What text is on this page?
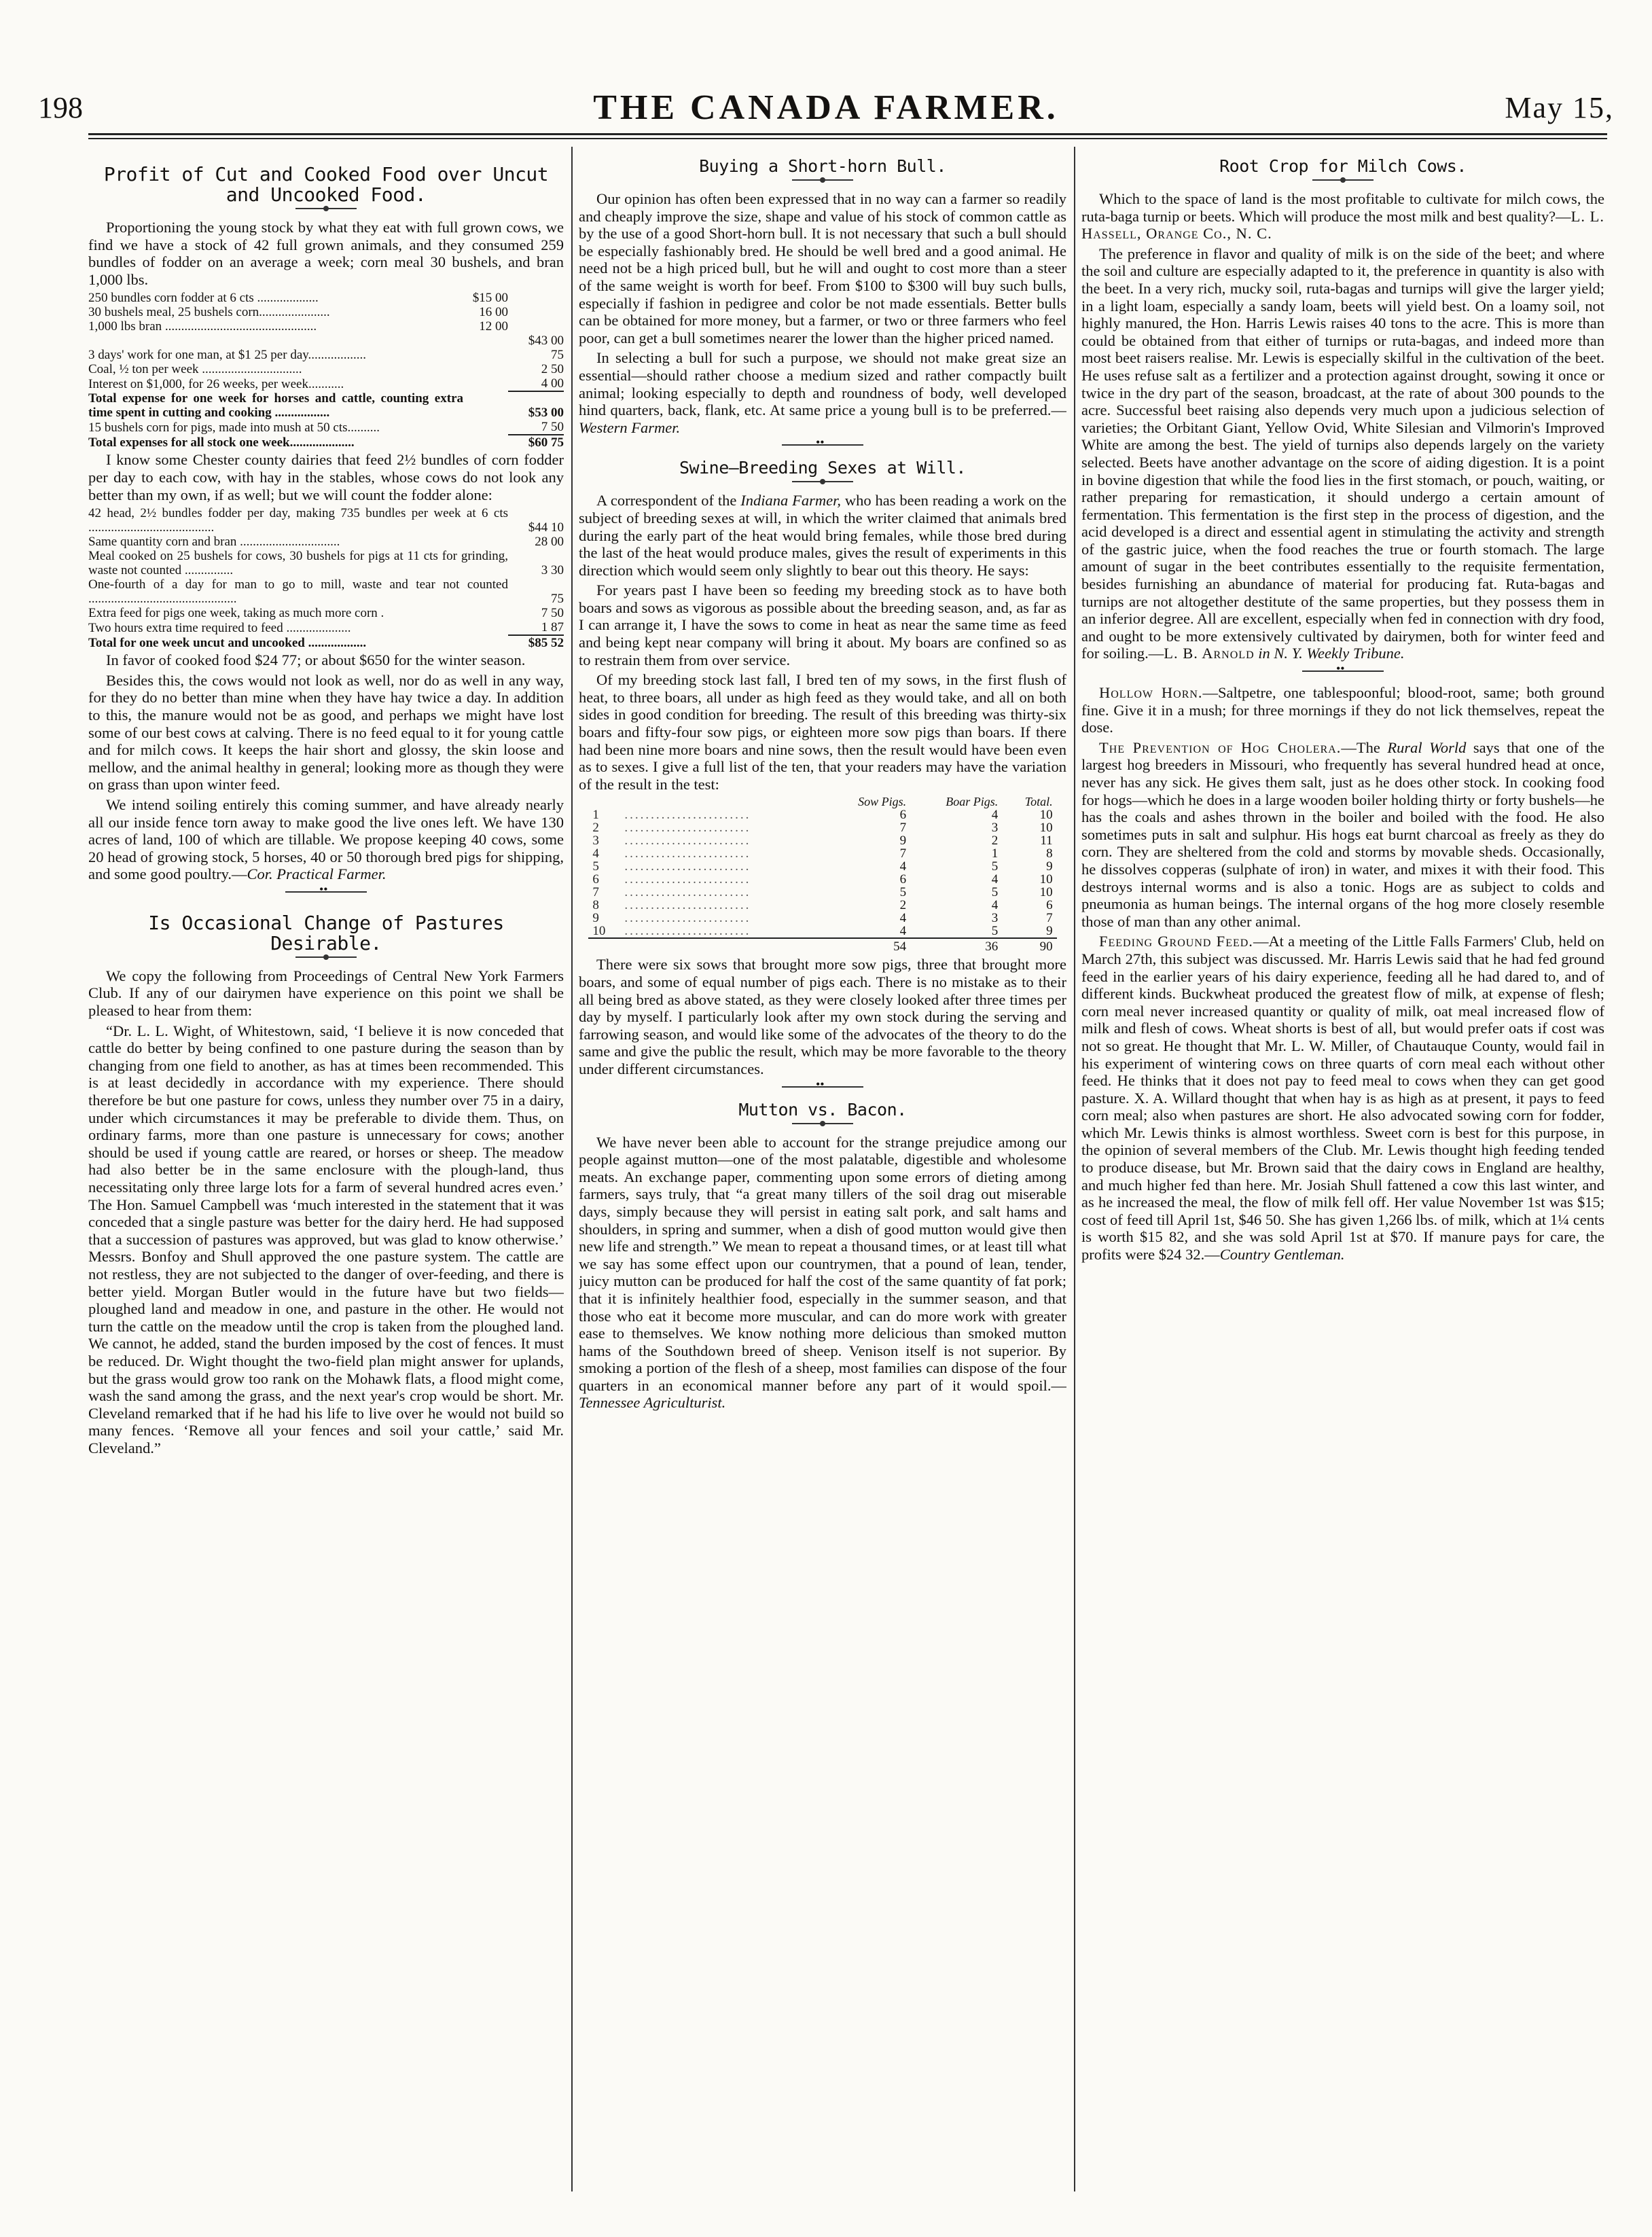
198	THE CANADA FARMER.	May 15,
Profit of Cut and Cooked Food over Uncut and Uncooked Food.

Proportioning the young stock by what they eat with full grown cows, we find we have a stock of 42 full grown animals, and they consumed 259 bundles of fodder on an average a week; corn meal 30 bushels, and bran 1,000 lbs.

250 bundles corn fodder at 6 cts ...................	$15 00	
30 bushels meal, 25 bushels corn......................	16 00	
1,000 lbs bran ...............................................	12 00	
		$43 00
3 days' work for one man, at $1 25 per day..................		75
Coal, ½ ton per week ...............................		2 50
Interest on $1,000, for 26 weeks, per week...........		4 00
Total expense for one week for horses and cattle, counting extra time spent in cutting and cooking .................		$53 00
15 bushels corn for pigs, made into mush at 50 cts..........		7 50
Total expenses for all stock one week....................		$60 75

I know some Chester county dairies that feed 2½ bundles of corn fodder per day to each cow, with hay in the stables, whose cows do not look any better than my own, if as well; but we will count the fodder alone:

42 head, 2½ bundles fodder per day, making 735 bundles per week at 6 cts .......................................	$44 10
Same quantity corn and bran ...............................	28 00
Meal cooked on 25 bushels for cows, 30 bushels for pigs at 11 cts for grinding, waste not counted ...............	3 30
One-fourth of a day for man to go to mill, waste and tear not counted ..............................................	75
Extra feed for pigs one week, taking as much more corn .	7 50
Two hours extra time required to feed ....................	1 87
Total for one week uncut and uncooked ..................	$85 52

In favor of cooked food $24 77; or about $650 for the winter season.

Besides this, the cows would not look as well, nor do as well in any way, for they do no better than mine when they have hay twice a day. In addition to this, the manure would not be as good, and perhaps we might have lost some of our best cows at calving. There is no feed equal to it for young cattle and for milch cows. It keeps the hair short and glossy, the skin loose and mellow, and the animal healthy in general; looking more as though they were on grass than upon winter feed.

We intend soiling entirely this coming summer, and have already nearly all our inside fence torn away to make good the live ones left. We have 130 acres of land, 100 of which are tillable. We propose keeping 40 cows, some 20 head of growing stock, 5 horses, 40 or 50 thorough bred pigs for shipping, and some good poultry.—Cor. Practical Farmer.

••
Is Occasional Change of Pastures Desirable.

We copy the following from Proceedings of Central New York Farmers Club. If any of our dairymen have experience on this point we shall be pleased to hear from them:

“Dr. L. L. Wight, of Whitestown, said, ‘I believe it is now conceded that cattle do better by being confined to one pasture during the season than by changing from one field to another, as has at times been recommended. This is at least decidedly in accordance with my experience. There should therefore be but one pasture for cows, unless they number over 75 in a dairy, under which circumstances it may be preferable to divide them. Thus, on ordinary farms, more than one pasture is unnecessary for cows; another should be used if young cattle are reared, or horses or sheep. The meadow had also better be in the same enclosure with the plough-land, thus necessitating only three large lots for a farm of several hundred acres even.’ The Hon. Samuel Campbell was ‘much interested in the statement that it was conceded that a single pasture was better for the dairy herd. He had supposed that a succession of pastures was approved, but was glad to know otherwise.’ Messrs. Bonfoy and Shull approved the one pasture system. The cattle are not restless, they are not subjected to the danger of over-feeding, and there is better yield. Morgan Butler would in the future have but two fields—ploughed land and meadow in one, and pasture in the other. He would not turn the cattle on the meadow until the crop is taken from the ploughed land. We cannot, he added, stand the burden imposed by the cost of fences. It must be reduced. Dr. Wight thought the two-field plan might answer for uplands, but the grass would grow too rank on the Mohawk flats, a flood might come, wash the sand among the grass, and the next year's crop would be short. Mr. Cleveland remarked that if he had his life to live over he would not build so many fences. ‘Remove all your fences and soil your cattle,’ said Mr. Cleveland.”

Buying a Short-horn Bull.

Our opinion has often been expressed that in no way can a farmer so readily and cheaply improve the size, shape and value of his stock of common cattle as by the use of a good Short-horn bull. It is not necessary that such a bull should be especially fashionably bred. He should be well bred and a good animal. He need not be a high priced bull, but he will and ought to cost more than a steer of the same weight is worth for beef. From $100 to $300 will buy such bulls, especially if fashion in pedigree and color be not made essentials. Better bulls can be obtained for more money, but a farmer, or two or three farmers who feel poor, can get a bull sometimes nearer the lower than the higher priced named.

In selecting a bull for such a purpose, we should not make great size an essential—should rather choose a medium sized and rather compactly built animal; looking especially to depth and roundness of body, well developed hind quarters, back, flank, etc. At same price a young bull is to be preferred.—Western Farmer.

••
Swine—Breeding Sexes at Will.

A correspondent of the Indiana Farmer, who has been reading a work on the subject of breeding sexes at will, in which the writer claimed that animals bred during the early part of the heat would bring females, while those bred during the last of the heat would produce males, gives the result of experiments in this direction which would seem only slightly to bear out this theory. He says:

For years past I have been so feeding my breeding stock as to have both boars and sows as vigorous as possible about the breeding season, and, as far as I can arrange it, I have the sows to come in heat as near the same time as feed and being kept near company will bring it about. My boars are confined so as to restrain them from over service.

Of my breeding stock last fall, I bred ten of my sows, in the first flush of heat, to three boars, all under as high feed as they would take, and all on both sides in good condition for breeding. The result of this breeding was thirty-six boars and fifty-four sow pigs, or eighteen more sow pigs than boars. If there had been nine more boars and nine sows, then the result would have been even as to sexes. I give a full list of the ten, that your readers may have the variation of the result in the test:

		Sow Pigs.	Boar Pigs.	Total.
1	........................	6	4	10
2	........................	7	3	10
3	........................	9	2	11
4	........................	7	1	8
5	........................	4	5	9
6	........................	6	4	10
7	........................	5	5	10
8	........................	2	4	6
9	........................	4	3	7
10	........................	4	5	9
		54	36	90

There were six sows that brought more sow pigs, three that brought more boars, and some of equal number of pigs each. There is no mistake as to their all being bred as above stated, as they were closely looked after three times per day by myself. I particularly look after my own stock during the serving and farrowing season, and would like some of the advocates of the theory to do the same and give the public the result, which may be more favorable to the theory under different circumstances.

••
Mutton vs. Bacon.

We have never been able to account for the strange prejudice among our people against mutton—one of the most palatable, digestible and wholesome meats. An exchange paper, commenting upon some errors of dieting among farmers, says truly, that “a great many tillers of the soil drag out miserable days, simply because they will persist in eating salt pork, and salt hams and shoulders, in spring and summer, when a dish of good mutton would give then new life and strength.” We mean to repeat a thousand times, or at least till what we say has some effect upon our countrymen, that a pound of lean, tender, juicy mutton can be produced for half the cost of the same quantity of fat pork; that it is infinitely healthier food, especially in the summer season, and that those who eat it become more muscular, and can do more work with greater ease to themselves. We know nothing more delicious than smoked mutton hams of the Southdown breed of sheep. Venison itself is not superior. By smoking a portion of the flesh of a sheep, most families can dispose of the four quarters in an economical manner before any part of it would spoil.—Tennessee Agriculturist.

Root Crop for Milch Cows.

Which to the space of land is the most profitable to cultivate for milch cows, the ruta-baga turnip or beets. Which will produce the most milk and best quality?—L. L. Hassell, Orange Co., N. C.

The preference in flavor and quality of milk is on the side of the beet; and where the soil and culture are especially adapted to it, the preference in quantity is also with the beet. In a very rich, mucky soil, ruta-bagas and turnips will give the larger yield; in a light loam, especially a sandy loam, beets will yield best. On a loamy soil, not highly manured, the Hon. Harris Lewis raises 40 tons to the acre. This is more than could be obtained from that either of turnips or ruta-bagas, and indeed more than most beet raisers realise. Mr. Lewis is especially skilful in the cultivation of the beet. He uses refuse salt as a fertilizer and a protection against drought, sowing it once or twice in the dry part of the season, broadcast, at the rate of about 300 pounds to the acre. Successful beet raising also depends very much upon a judicious selection of varieties; the Orbitant Giant, Yellow Ovid, White Silesian and Vilmorin's Improved White are among the best. The yield of turnips also depends largely on the variety selected. Beets have another advantage on the score of aiding digestion. It is a point in bovine digestion that while the food lies in the first stomach, or pouch, waiting, or rather preparing for remastication, it should undergo a certain amount of fermentation. This fermentation is the first step in the process of digestion, and the acid developed is a direct and essential agent in stimulating the activity and strength of the gastric juice, when the food reaches the true or fourth stomach. The large amount of sugar in the beet contributes essentially to the requisite fermentation, besides furnishing an abundance of material for producing fat. Ruta-bagas and turnips are not altogether destitute of the same properties, but they possess them in an inferior degree. All are excellent, especially when fed in connection with dry food, and ought to be more extensively cultivated by dairymen, both for winter feed and for soiling.—L. B. Arnold in N. Y. Weekly Tribune.

••

Hollow Horn.—Saltpetre, one tablespoonful; blood-root, same; both ground fine. Give it in a mush; for three mornings if they do not lick themselves, repeat the dose.

The Prevention of Hog Cholera.—The Rural World says that one of the largest hog breeders in Missouri, who frequently has several hundred head at once, never has any sick. He gives them salt, just as he does other stock. In cooking food for hogs—which he does in a large wooden boiler holding thirty or forty bushels—he has the coals and ashes thrown in the boiler and boiled with the food. He also sometimes puts in salt and sulphur. His hogs eat burnt charcoal as freely as they do corn. They are sheltered from the cold and storms by movable sheds. Occasionally, he dissolves copperas (sulphate of iron) in water, and mixes it with their food. This destroys internal worms and is also a tonic. Hogs are as subject to colds and pneumonia as human beings. The internal organs of the hog more closely resemble those of man than any other animal.

Feeding Ground Feed.—At a meeting of the Little Falls Farmers' Club, held on March 27th, this subject was discussed. Mr. Harris Lewis said that he had fed ground feed in the earlier years of his dairy experience, feeding all he had dared to, and of different kinds. Buckwheat produced the greatest flow of milk, at expense of flesh; corn meal never increased quantity or quality of milk, oat meal increased flow of milk and flesh of cows. Wheat shorts is best of all, but would prefer oats if cost was not so great. He thought that Mr. L. W. Miller, of Chautauque County, would fail in his experiment of wintering cows on three quarts of corn meal each without other feed. He thinks that it does not pay to feed meal to cows when they can get good pasture. X. A. Willard thought that when hay is as high as at present, it pays to feed corn meal; also when pastures are short. He also advocated sowing corn for fodder, which Mr. Lewis thinks is almost worthless. Sweet corn is best for this purpose, in the opinion of several members of the Club. Mr. Lewis thought high feeding tended to produce disease, but Mr. Brown said that the dairy cows in England are healthy, and much higher fed than here. Mr. Josiah Shull fattened a cow this last winter, and as he increased the meal, the flow of milk fell off. Her value November 1st was $15; cost of feed till April 1st, $46 50. She has given 1,266 lbs. of milk, which at 1¼ cents is worth $15 82, and she was sold April 1st at $70. If manure pays for care, the profits were $24 32.—Country Gentleman.
